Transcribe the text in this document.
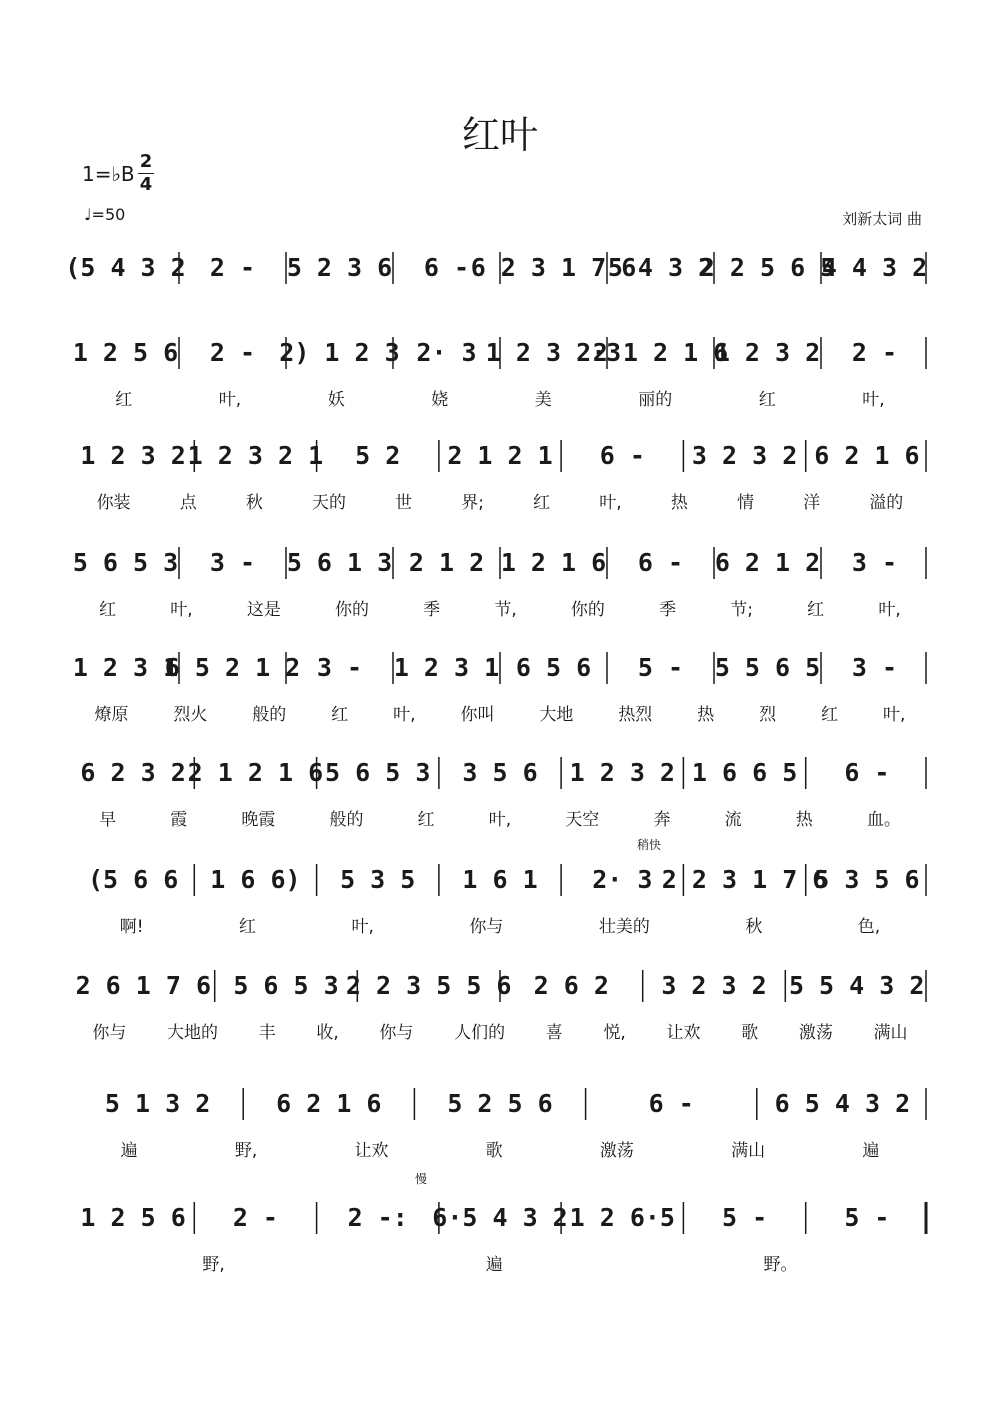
红叶
1=♭B
2
4
♩=50	刘新太词 曲
稍快
慢
(5 4 3 2 2 - 5 2 3 6 6 - 6 2 3 1 7 6
5 4 3 2
2 2 5 6 5
4 4 3 2
1 2 5 6 2 - 2) 1 2 3 2· 3 1 2 3 2·3
2 1 2 1 6
1 2 3 2 2 -
红	叶,	妖	娆	美	丽的	红	叶,
1 2 3 2 1 2 3 2 1 5 2 2 1 2 1 6 - 3 2 3 2 6 2 1 6
你装	点	秋	天的	世	界;	红	叶,	热	情	洋	溢的
5 6 5 3 3 - 5 6 1 3 2 1 2 1 2 1 6 6 - 6 2 1 2 3 -
红	叶,	这是	你的	季	节,	你的	季	节;	红	叶,
1 2 3 1
6 5 2 1 2 3 - 1 2 3 1 6 5 6 5 - 5 5 6 5 3 -
燎原	烈火	般的	红	叶,	你叫	大地	热烈	热	烈	红	叶,
6 2 3 2 2 1 2 1 6 5 6 5 3 3 5 6 1 2 3 2 1 6 6 5 6 -
早	霞	晚霞	般的	红	叶,	天空	奔	流	热	血。
(5 6 6 1 6 6) 5 3 5 1 6 1 2· 3 2 2 3 1 7 6
5 3 5 6
啊!	红	叶,	你与	壮美的	秋	色,
2 6 1 7 6 5 6 5 3 2 2 3 5 5 6 2 6 2 3 2 3 2 5 5 4 3 2
你与 大地的 丰 收, 你与 人们的 喜 悦, 让欢 歌 激荡 满山
5 1 3 2	6 2 1 6	5 2 5 6	6 -	6 5 4 3 2
遍	野,	让欢	歌	激荡	满山	遍
1 2 5 6 2 -	2 -: 6·5 4 3 2 1 2 6·5 5 -	5 -
野,	遍	野。
